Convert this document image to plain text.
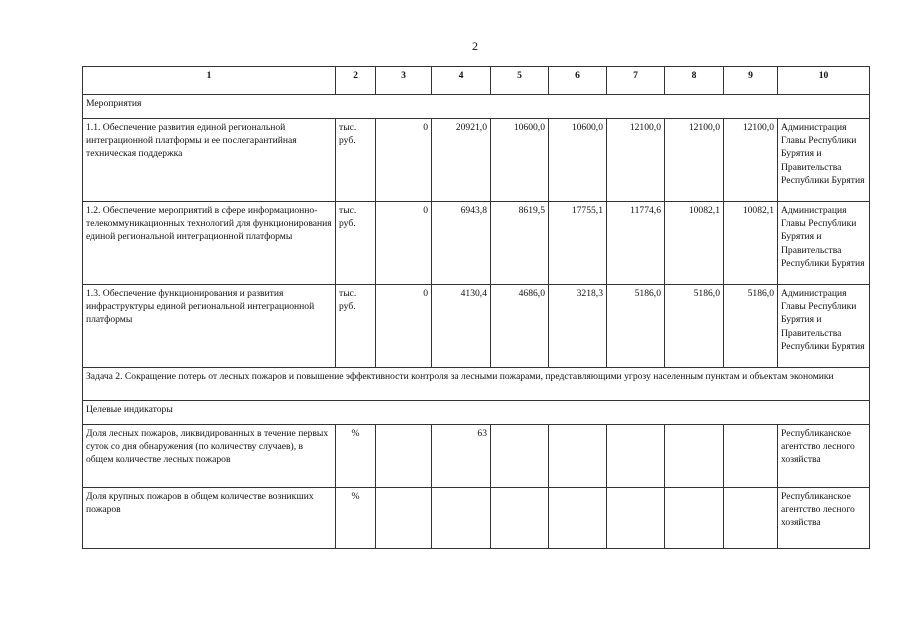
2
1	2	3	4	5	6	7	8	9	10
Мероприятия									
1.1. Обеспечение развития единой региональной интеграционной платформы и ее послегарантийная техническая поддержка	тыс. руб.	0	20921,0	10600,0	10600,0	12100,0	12100,0	12100,0	Администрация Главы Республики Бурятия и Правительства Республики Бурятия
1.2. Обеспечение мероприятий в сфере информационно-телекоммуникационных технологий для функционирования единой региональной интеграционной платформы	тыс. руб.	0	6943,8	8619,5	17755,1	11774,6	10082,1	10082,1	Администрация Главы Республики Бурятия и Правительства Республики Бурятия
1.3. Обеспечение функционирования и развития инфраструктуры единой региональной интеграционной платформы	тыс. руб.	0	4130,4	4686,0	3218,3	5186,0	5186,0	5186,0	Администрация Главы Республики Бурятия и Правительства Республики Бурятия
Задача 2. Сокращение потерь от лесных пожаров и повышение эффективности контроля за лесными пожарами, представляющими угрозу населенным пунктам и объектам экономики									
Целевые индикаторы									
Доля лесных пожаров, ликвидированных в течение первых суток со дня обнаружения (по количеству случаев), в общем количестве лесных пожаров	%		63						Республиканское агентство лесного хозяйства
Доля крупных пожаров в общем количестве возникших пожаров	%								Республиканское агентство лесного хозяйства
